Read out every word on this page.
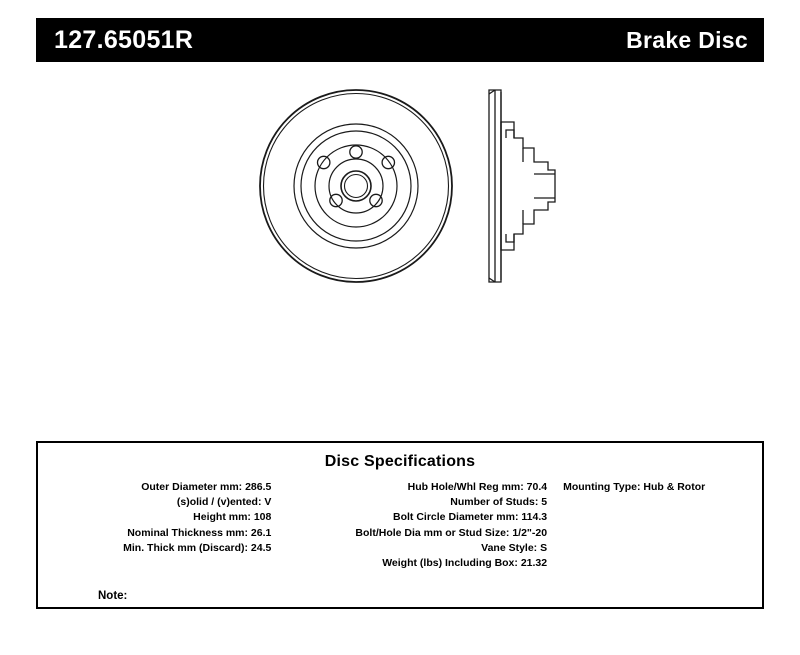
127.65051R	Brake Disc
Disc Specifications
Outer Diameter mm: 286.5
(s)olid / (v)ented: V
Height mm: 108
Nominal Thickness mm: 26.1
Min. Thick mm (Discard): 24.5
Hub Hole/Whl Reg mm: 70.4
Number of Studs: 5
Bolt Circle Diameter mm: 114.3
Bolt/Hole Dia mm or Stud Size: 1/2"-20
Vane Style: S
Weight (lbs) Including Box: 21.32
Mounting Type: Hub & Rotor
Note:
